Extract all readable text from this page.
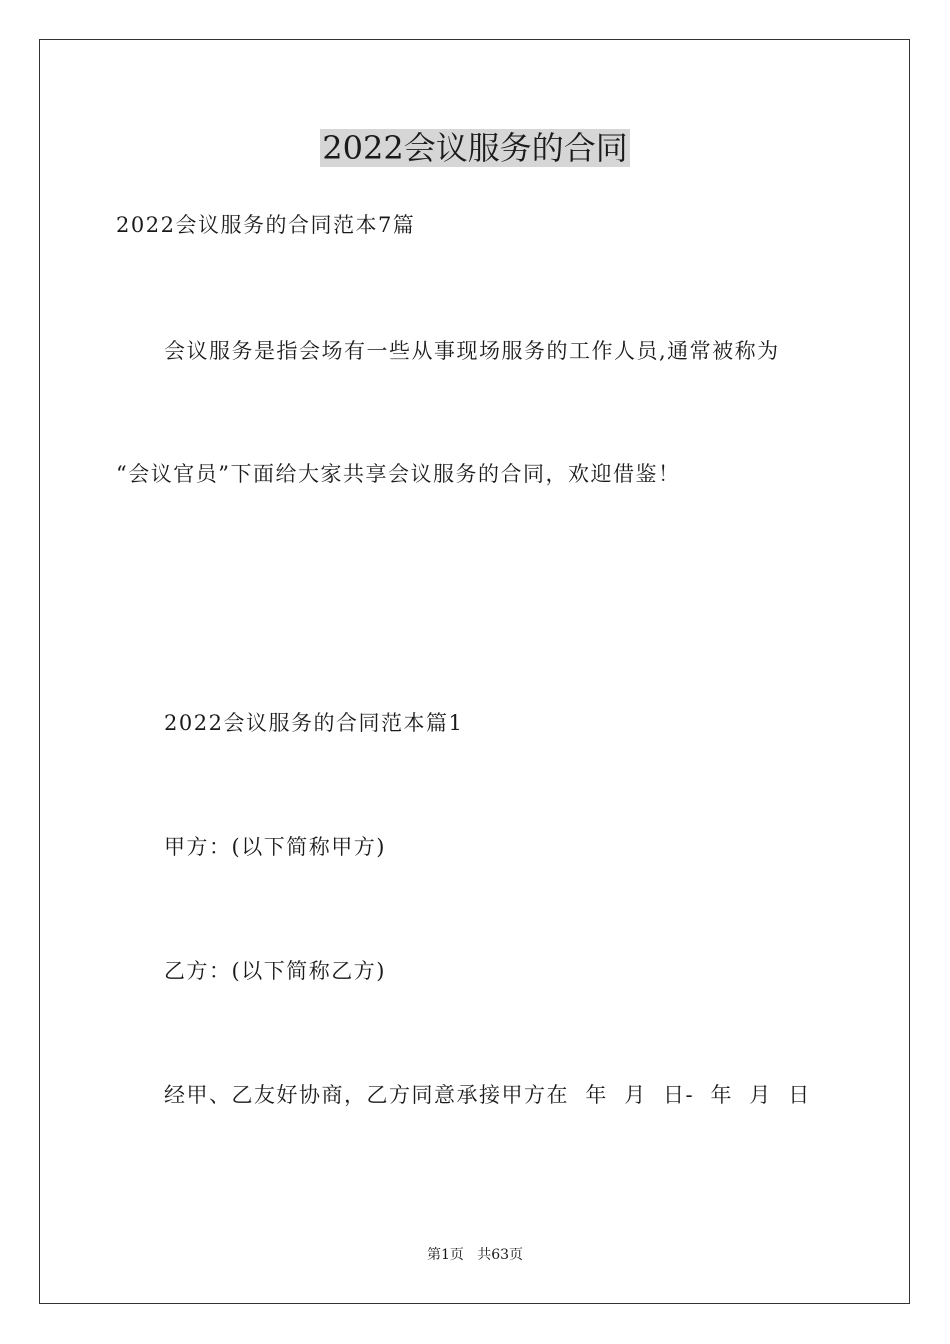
2022会议服务的合同

2022会议服务的合同范本7篇

会议服务是指会场有一些从事现场服务的工作人员,通常被称为

“会议官员”下面给大家共享会议服务的合同，欢迎借鉴！

2022会议服务的合同范本篇1

甲方：(以下简称甲方)

乙方：(以下简称乙方)

经甲、乙友好协商，乙方同意承接甲方在  年  月  日-  年  月  日

第1页   共63页
